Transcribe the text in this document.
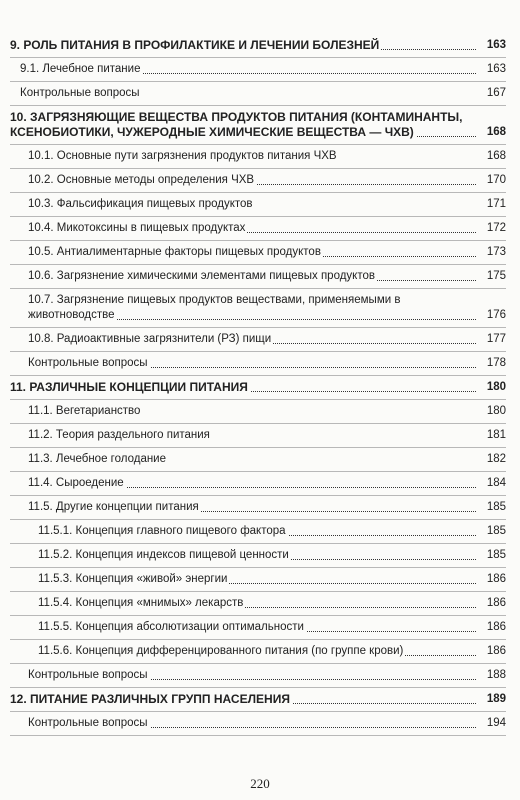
9. РОЛЬ ПИТАНИЯ В ПРОФИЛАКТИКЕ И ЛЕЧЕНИИ БОЛЕЗНЕЙ	163
9.1. Лечебное питание	163
Контрольные вопросы	167
10. ЗАГРЯЗНЯЮЩИЕ ВЕЩЕСТВА ПРОДУКТОВ ПИТАНИЯ (КОНТАМИНАНТЫ, КСЕНОБИОТИКИ, ЧУЖЕРОДНЫЕ ХИМИЧЕСКИЕ ВЕЩЕСТВА — ЧХВ)	168
10.1. Основные пути загрязнения продуктов питания ЧХВ	168
10.2. Основные методы определения ЧХВ	170
10.3. Фальсификация пищевых продуктов	171
10.4. Микотоксины в пищевых продуктах	172
10.5. Антиалиментарные факторы пищевых продуктов	173
10.6. Загрязнение химическими элементами пищевых продуктов	175
10.7. Загрязнение пищевых продуктов веществами, применяемыми в животноводстве	176
10.8. Радиоактивные загрязнители (РЗ) пищи	177
Контрольные вопросы	178
11. РАЗЛИЧНЫЕ КОНЦЕПЦИИ ПИТАНИЯ	180
11.1. Вегетарианство	180
11.2. Теория раздельного питания	181
11.3. Лечебное голодание	182
11.4. Сыроедение	184
11.5. Другие концепции питания	185
11.5.1. Концепция главного пищевого фактора	185
11.5.2. Концепция индексов пищевой ценности	185
11.5.3. Концепция «живой» энергии	186
11.5.4. Концепция «мнимых» лекарств	186
11.5.5. Концепция абсолютизации оптимальности	186
11.5.6. Концепция дифференцированного питания (по группе крови)	186
Контрольные вопросы	188
12. ПИТАНИЕ РАЗЛИЧНЫХ ГРУПП НАСЕЛЕНИЯ	189
Контрольные вопросы	194
220
